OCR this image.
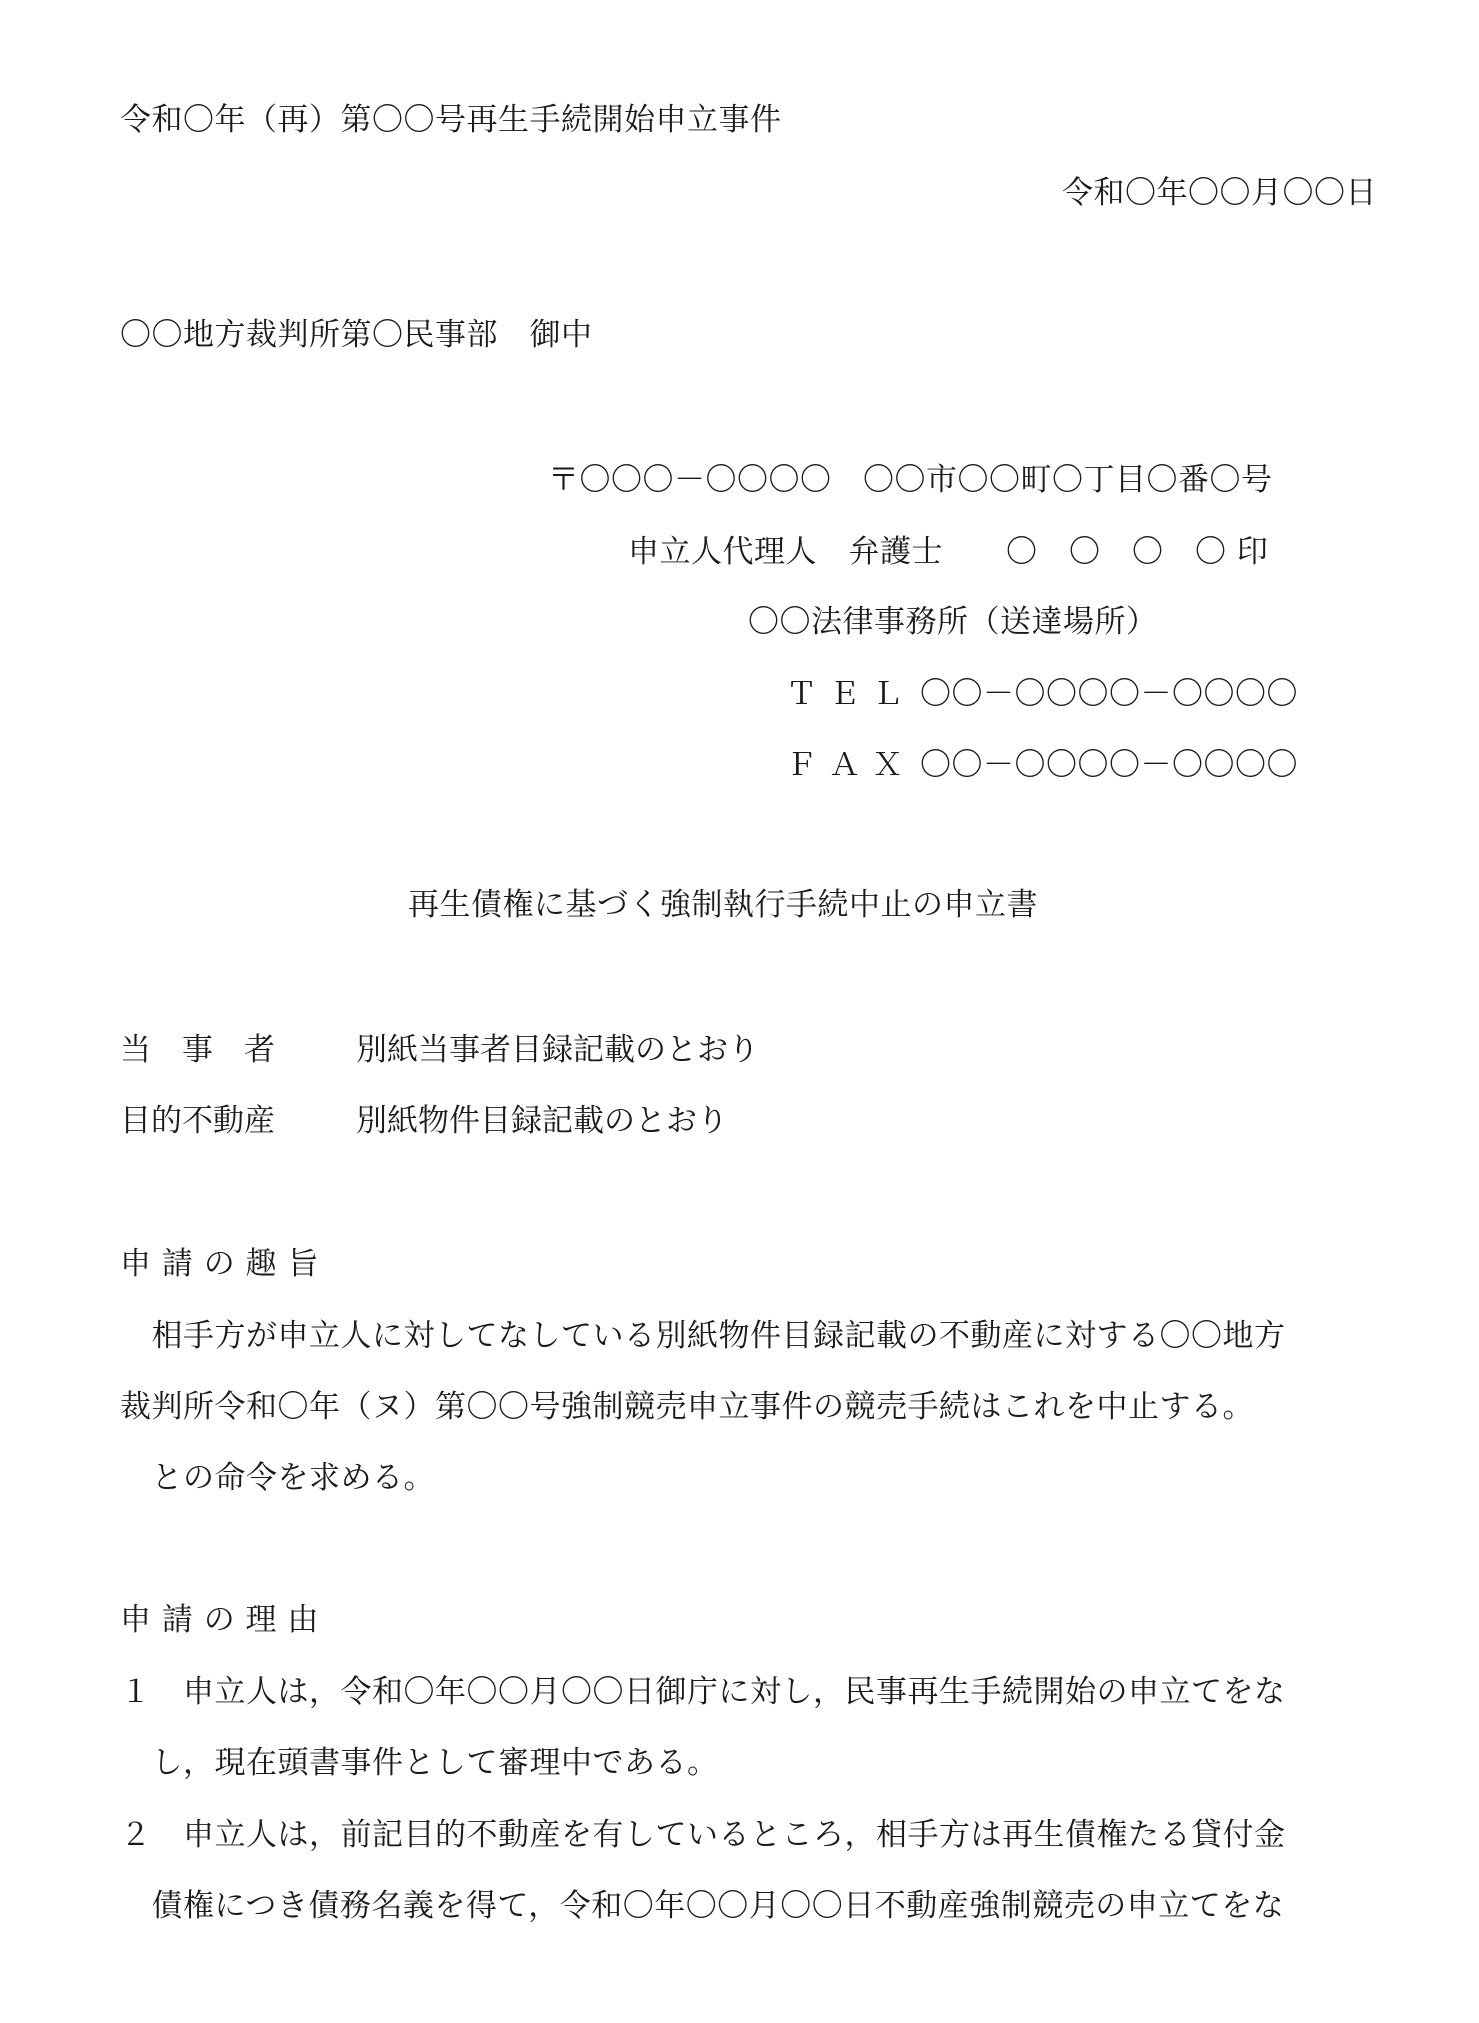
令和〇年（再）第〇〇号再生手続開始申立事件
令和〇年〇〇月〇〇日
〇〇地方裁判所第〇民事部　御中
〒〇〇〇－〇〇〇〇　〇〇市〇〇町〇丁目〇番〇号
申立人代理人　弁護士　　〇　〇　〇　〇 印
〇〇法律事務所（送達場所）
ＴＥＬ 〇〇－〇〇〇〇－〇〇〇〇
ＦＡＸ 〇〇－〇〇〇〇－〇〇〇〇
再生債権に基づく強制執行手続中止の申立書
当　事　者	別紙当事者目録記載のとおり
目的不動産	別紙物件目録記載のとおり
申 請 の 趣 旨
　相手方が申立人に対してなしている別紙物件目録記載の不動産に対する〇〇地方
裁判所令和〇年（ヌ）第〇〇号強制競売申立事件の競売手続はこれを中止する。
　との命令を求める。
申 請 の 理 由
１　申立人は，令和〇年〇〇月〇〇日御庁に対し，民事再生手続開始の申立てをな
　し，現在頭書事件として審理中である。
２　申立人は，前記目的不動産を有しているところ，相手方は再生債権たる貸付金
　債権につき債務名義を得て，令和〇年〇〇月〇〇日不動産強制競売の申立てをな
